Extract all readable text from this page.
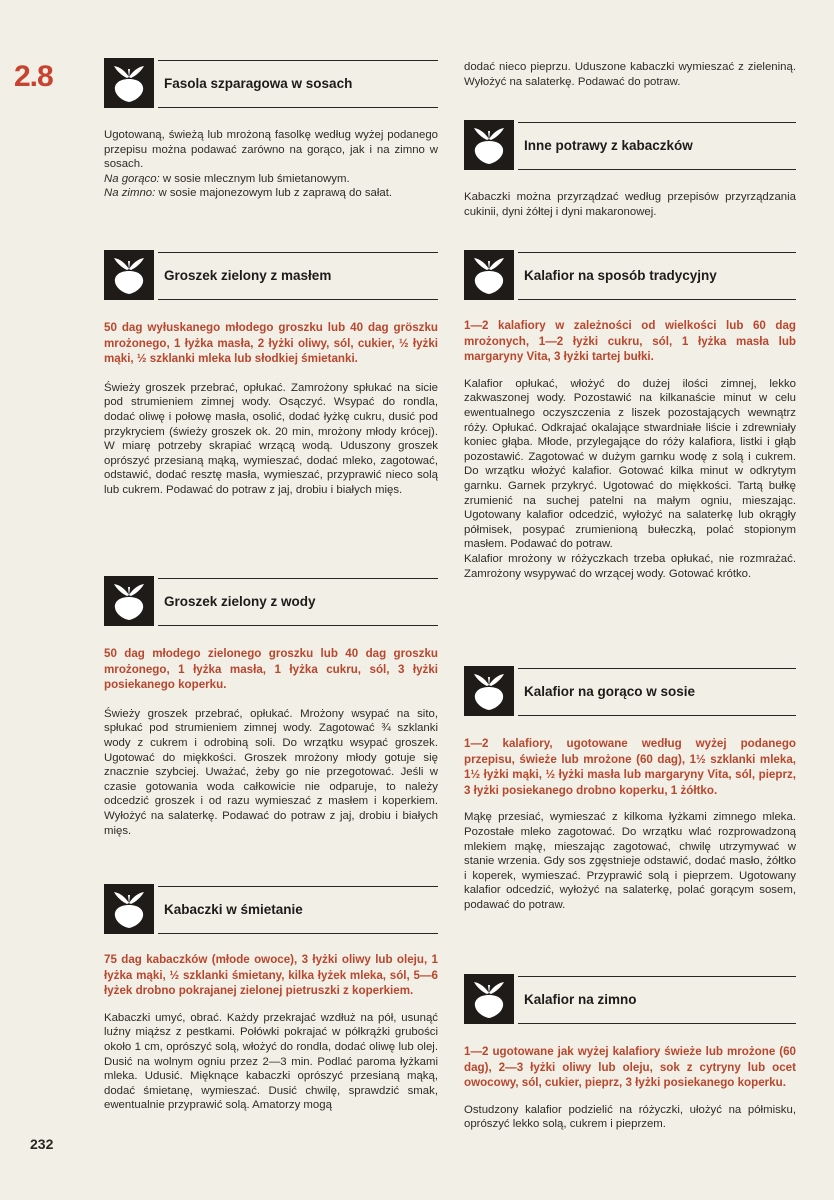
2.8
232
Fasola szparagowa w sosach

Ugotowaną, świeżą lub mrożoną fasolkę według wyżej podanego przepisu można podawać zarówno na gorąco, jak i na zimno w sosach.

Na gorąco: w sosie mlecznym lub śmietanowym.

Na zimno: w sosie majonezowym lub z zaprawą do sałat.

Groszek zielony z masłem

50 dag wyłuskanego młodego groszku lub 40 dag gröszku mrożonego, 1 łyżka masła, 2 łyżki oliwy, sól, cukier, ½ łyżki mąki, ½ szklanki mleka lub słodkiej śmietanki.

Świeży groszek przebrać, opłukać. Zamrożony spłukać na sicie pod strumieniem zimnej wody. Osączyć. Wsypać do rondla, dodać oliwę i połowę masła, osolić, dodać łyżkę cukru, dusić pod przykryciem (świeży groszek ok. 20 min, mrożony młody krócej). W miarę potrzeby skrapiać wrzącą wodą. Uduszony groszek oprószyć przesianą mąką, wymieszać, dodać mleko, zagotować, odstawić, dodać resztę masła, wymieszać, przyprawić nieco solą lub cukrem. Podawać do potraw z jaj, drobiu i białych mięs.

Groszek zielony z wody

50 dag młodego zielonego groszku lub 40 dag groszku mrożonego, 1 łyżka masła, 1 łyżka cukru, sól, 3 łyżki posiekanego koperku.

Świeży groszek przebrać, opłukać. Mrożony wsypać na sito, spłukać pod strumieniem zimnej wody. Zagotować ¾ szklanki wody z cukrem i odrobiną soli. Do wrzątku wsypać groszek. Ugotować do miękkości. Groszek mrożony młody gotuje się znacznie szybciej. Uważać, żeby go nie przegotować. Jeśli w czasie gotowania woda całkowicie nie odparuje, to należy odcedzić groszek i od razu wymieszać z masłem i koperkiem. Wyłożyć na salaterkę. Podawać do potraw z jaj, drobiu i białych mięs.

Kabaczki w śmietanie

75 dag kabaczków (młode owoce), 3 łyżki oliwy lub oleju, 1 łyżka mąki, ½ szklanki śmietany, kilka łyżek mleka, sól, 5—6 łyżek drobno pokrajanej zielonej pietruszki z koperkiem.

Kabaczki umyć, obrać. Każdy przekrajać wzdłuż na pół, usunąć luźny miąższ z pestkami. Połówki pokrajać w półkrążki grubości około 1 cm, oprószyć solą, włożyć do rondla, dodać oliwę lub olej. Dusić na wolnym ogniu przez 2—3 min. Podlać paroma łyżkami mleka. Udusić. Mięknące kabaczki oprószyć przesianą mąką, dodać śmietanę, wymieszać. Dusić chwilę, sprawdzić smak, ewentualnie przyprawić solą. Amatorzy mogą

dodać nieco pieprzu. Uduszone kabaczki wymieszać z zieleniną. Wyłożyć na salaterkę. Podawać do potraw.

Inne potrawy z kabaczków

Kabaczki można przyrządzać według przepisów przyrządzania cukinii, dyni żółtej i dyni makaronowej.

Kalafior na sposób tradycyjny

1—2 kalafiory w zależności od wielkości lub 60 dag mrożonych, 1—2 łyżki cukru, sól, 1 łyżka masła lub margaryny Vita, 3 łyżki tartej bułki.

Kalafior opłukać, włożyć do dużej ilości zimnej, lekko zakwaszonej wody. Pozostawić na kilkanaście minut w celu ewentualnego oczyszczenia z liszek pozostających wewnątrz róży. Opłukać. Odkrajać okalające stwardniałe liście i zdrewniały koniec głąba. Młode, przylegające do róży kalafiora, listki i głąb pozostawić. Zagotować w dużym garnku wodę z solą i cukrem. Do wrzątku włożyć kalafior. Gotować kilka minut w odkrytym garnku. Garnek przykryć. Ugotować do miękkości. Tartą bułkę zrumienić na suchej patelni na małym ogniu, mieszając. Ugotowany kalafior odcedzić, wyłożyć na salaterkę lub okrągły półmisek, posypać zrumienioną bułeczką, polać stopionym masłem. Podawać do potraw.

Kalafior mrożony w różyczkach trzeba opłukać, nie rozmrażać. Zamrożony wsypywać do wrzącej wody. Gotować krótko.

Kalafior na gorąco w sosie

1—2 kalafiory, ugotowane według wyżej podanego przepisu, świeże lub mrożone (60 dag), 1½ szklanki mleka, 1½ łyżki mąki, ½ łyżki masła lub margaryny Vita, sól, pieprz, 3 łyżki posiekanego drobno koperku, 1 żółtko.

Mąkę przesiać, wymieszać z kilkoma łyżkami zimnego mleka. Pozostałe mleko zagotować. Do wrzątku wlać rozprowadzoną mlekiem mąkę, mieszając zagotować, chwilę utrzymywać w stanie wrzenia. Gdy sos zgęstnieje odstawić, dodać masło, żółtko i koperek, wymieszać. Przyprawić solą i pieprzem. Ugotowany kalafior odcedzić, wyłożyć na salaterkę, polać gorącym sosem, podawać do potraw.

Kalafior na zimno

1—2 ugotowane jak wyżej kalafiory świeże lub mrożone (60 dag), 2—3 łyżki oliwy lub oleju, sok z cytryny lub ocet owocowy, sól, cukier, pieprz, 3 łyżki posiekanego koperku.

Ostudzony kalafior podzielić na różyczki, ułożyć na półmisku, oprószyć lekko solą, cukrem i pieprzem.
